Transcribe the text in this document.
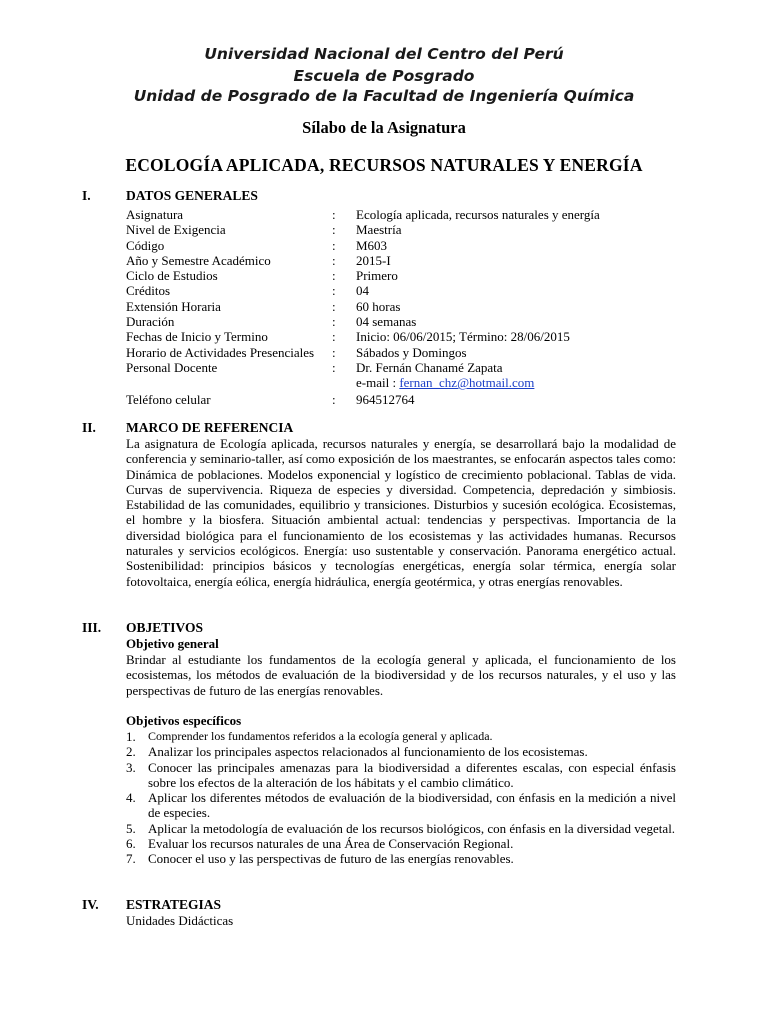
Universidad Nacional del Centro del Perú
Escuela de Posgrado
Unidad de Posgrado de la Facultad de Ingeniería Química
Sílabo de la Asignatura
ECOLOGÍA APLICADA, RECURSOS NATURALES Y ENERGÍA
I.	DATOS GENERALES
Asignatura	:	Ecología aplicada, recursos naturales y energía
Nivel de Exigencia	:	Maestría
Código	:	M603
Año y Semestre Académico	:	2015-I
Ciclo de Estudios	:	Primero
Créditos	:	04
Extensión Horaria	:	60 horas
Duración	:	04 semanas
Fechas de Inicio y Termino	:	Inicio: 06/06/2015; Término: 28/06/2015
Horario de Actividades Presenciales	:	Sábados y Domingos
Personal Docente	:	Dr. Fernán Chanamé Zapata
e-mail : fernan_chz@hotmail.com
Teléfono celular	:	964512764
II. MARCO DE REFERENCIA
La asignatura de Ecología aplicada, recursos naturales y energía, se desarrollará bajo la modalidad de conferencia y seminario-taller, así como exposición de los maestrantes, se enfocarán aspectos tales como: Dinámica de poblaciones. Modelos exponencial y logístico de crecimiento poblacional. Tablas de vida. Curvas de supervivencia. Riqueza de especies y diversidad. Competencia, depredación y simbiosis. Estabilidad de las comunidades, equilibrio y transiciones. Disturbios y sucesión ecológica. Ecosistemas, el hombre y la biosfera. Situación ambiental actual: tendencias y perspectivas. Importancia de la diversidad biológica para el funcionamiento de los ecosistemas y las actividades humanas. Recursos naturales y servicios ecológicos. Energía: uso sustentable y conservación. Panorama energético actual. Sostenibilidad: principios básicos y tecnologías energéticas, energía solar térmica, energía solar fotovoltaica, energía eólica, energía hidráulica, energía geotérmica, y otras energías renovables.
III. OBJETIVOS
Objetivo general
Brindar al estudiante los fundamentos de la ecología general y aplicada, el funcionamiento de los ecosistemas, los métodos de evaluación de la biodiversidad y de los recursos naturales, y el uso y las perspectivas de futuro de las energías renovables.
Objetivos específicos
1.	Comprender los fundamentos referidos a la ecología general y aplicada.
2. Analizar los principales aspectos relacionados al funcionamiento de los ecosistemas.
3. Conocer las principales amenazas para la biodiversidad a diferentes escalas, con especial énfasis sobre los efectos de la alteración de los hábitats y el cambio climático.
4. Aplicar los diferentes métodos de evaluación de la biodiversidad, con énfasis en la medición a nivel de especies.
5. Aplicar la metodología de evaluación de los recursos biológicos, con énfasis en la diversidad vegetal.
6. Evaluar los recursos naturales de una Área de Conservación Regional.
7. Conocer el uso y las perspectivas de futuro de las energías renovables.
IV. ESTRATEGIAS
Unidades Didácticas
